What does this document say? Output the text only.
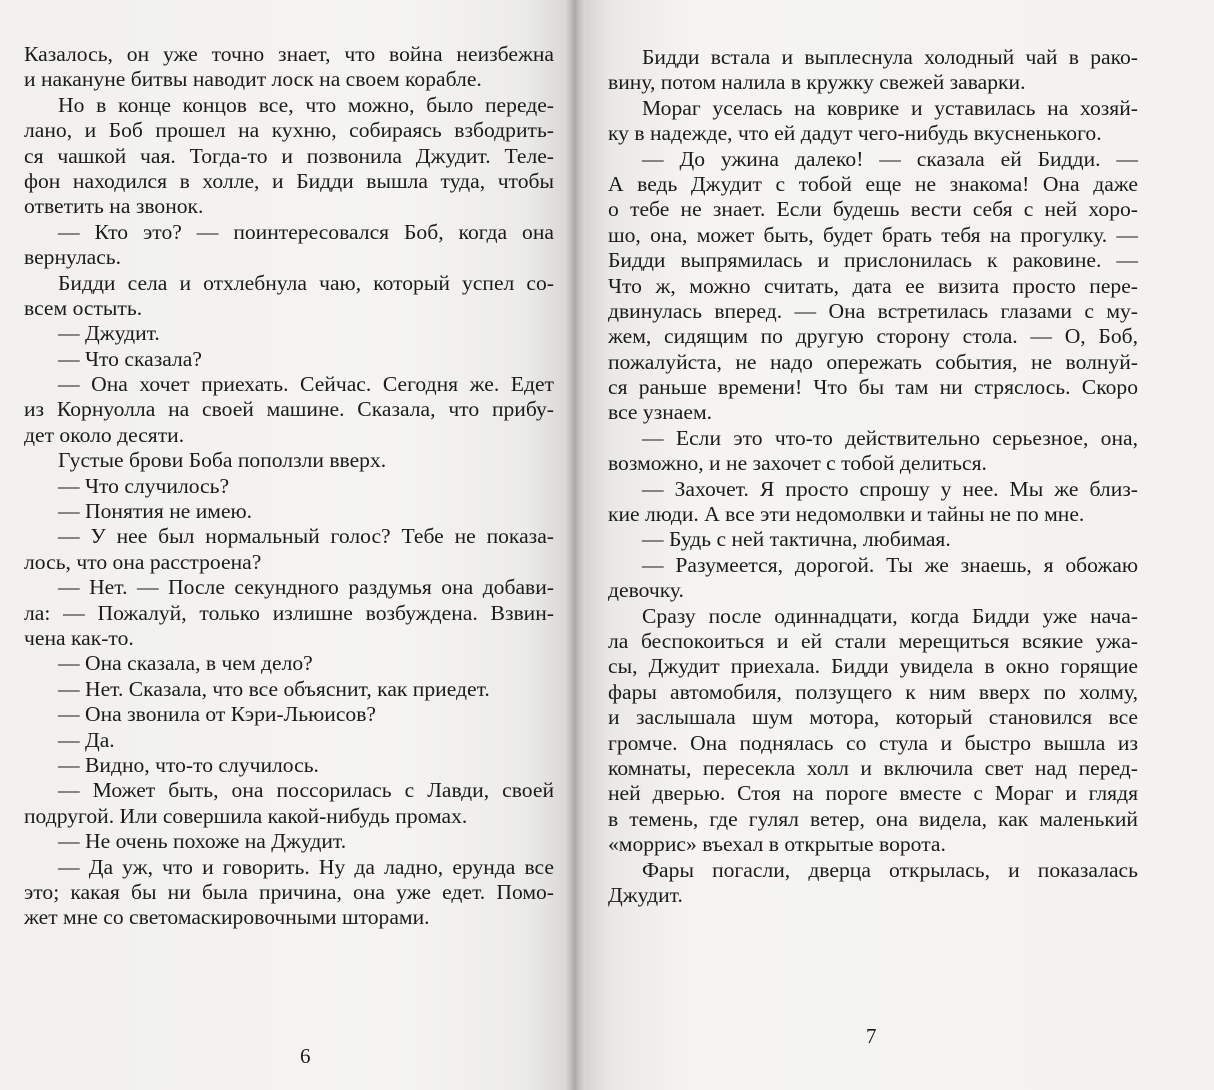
Казалось, он уже точно знает, что война неизбежна
и накануне битвы наводит лоск на своем корабле.
Но в конце концов все, что можно, было переде-
лано, и Боб прошел на кухню, собираясь взбодрить-
ся чашкой чая. Тогда-то и позвонила Джудит. Теле-
фон находился в холле, и Бидди вышла туда, чтобы
ответить на звонок.
— Кто это? — поинтересовался Боб, когда она
вернулась.
Бидди села и отхлебнула чаю, который успел со-
всем остыть.
— Джудит.
— Что сказала?
— Она хочет приехать. Сейчас. Сегодня же. Едет
из Корнуолла на своей машине. Сказала, что прибу-
дет около десяти.
Густые брови Боба поползли вверх.
— Что случилось?
— Понятия не имею.
— У нее был нормальный голос? Тебе не показа-
лось, что она расстроена?
— Нет. — После секундного раздумья она добави-
ла: — Пожалуй, только излишне возбуждена. Взвин-
чена как-то.
— Она сказала, в чем дело?
— Нет. Сказала, что все объяснит, как приедет.
— Она звонила от Кэри-Льюисов?
— Да.
— Видно, что-то случилось.
— Может быть, она поссорилась с Лавди, своей
подругой. Или совершила какой-нибудь промах.
— Не очень похоже на Джудит.
— Да уж, что и говорить. Ну да ладно, ерунда все
это; какая бы ни была причина, она уже едет. Помо-
жет мне со светомаскировочными шторами.
6
Бидди встала и выплеснула холодный чай в рако-
вину, потом налила в кружку свежей заварки.
Мораг уселась на коврике и уставилась на хозяй-
ку в надежде, что ей дадут чего-нибудь вкусненького.
— До ужина далеко! — сказала ей Бидди. —
А ведь Джудит с тобой еще не знакома! Она даже
о тебе не знает. Если будешь вести себя с ней хоро-
шо, она, может быть, будет брать тебя на прогулку. —
Бидди выпрямилась и прислонилась к раковине. —
Что ж, можно считать, дата ее визита просто пере-
двинулась вперед. — Она встретилась глазами с му-
жем, сидящим по другую сторону стола. — О, Боб,
пожалуйста, не надо опережать события, не волнуй-
ся раньше времени! Что бы там ни стряслось. Скоро
все узнаем.
— Если это что-то действительно серьезное, она,
возможно, и не захочет с тобой делиться.
— Захочет. Я просто спрошу у нее. Мы же близ-
кие люди. А все эти недомолвки и тайны не по мне.
— Будь с ней тактична, любимая.
— Разумеется, дорогой. Ты же знаешь, я обожаю
девочку.
Сразу после одиннадцати, когда Бидди уже нача-
ла беспокоиться и ей стали мерещиться всякие ужа-
сы, Джудит приехала. Бидди увидела в окно горящие
фары автомобиля, ползущего к ним вверх по холму,
и заслышала шум мотора, который становился все
громче. Она поднялась со стула и быстро вышла из
комнаты, пересекла холл и включила свет над перед-
ней дверью. Стоя на пороге вместе с Мораг и глядя
в темень, где гулял ветер, она видела, как маленький
«моррис» въехал в открытые ворота.
Фары погасли, дверца открылась, и показалась
Джудит.
7
